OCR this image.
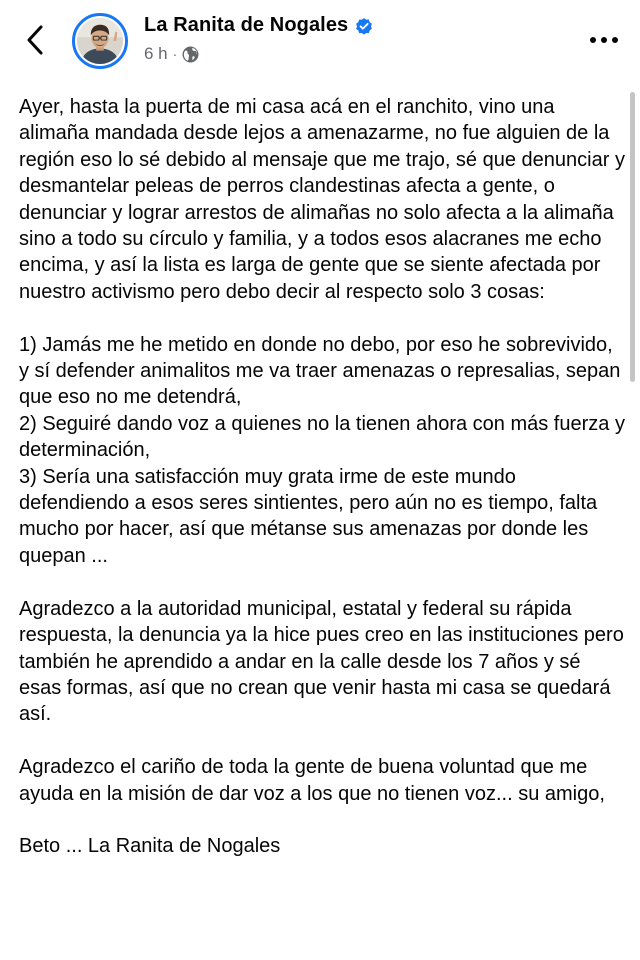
La Ranita de Nogales
6 h ·

Ayer, hasta la puerta de mi casa acá en el ranchito, vino una alimaña mandada desde lejos a amenazarme, no fue alguien de la región eso lo sé debido al mensaje que me trajo, sé que denunciar y desmantelar peleas de perros clandestinas afecta a gente, o denunciar y lograr arrestos de alimañas no solo afecta a la alimaña sino a todo su círculo y familia, y a todos esos alacranes me echo encima, y así la lista es larga de gente que se siente afectada por nuestro activismo pero debo decir al respecto solo 3 cosas:

1) Jamás me he metido en donde no debo, por eso he sobrevivido, y sí defender animalitos me va traer amenazas o represalias, sepan que eso no me detendrá,
2) Seguiré dando voz a quienes no la tienen ahora con más fuerza y determinación,
3) Sería una satisfacción muy grata irme de este mundo defendiendo a esos seres sintientes, pero aún no es tiempo, falta mucho por hacer, así que métanse sus amenazas por donde les quepan ...

Agradezco a la autoridad municipal, estatal y federal su rápida respuesta, la denuncia ya la hice pues creo en las instituciones pero también he aprendido a andar en la calle desde los 7 años y sé esas formas, así que no crean que venir hasta mi casa se quedará así.

Agradezco el cariño de toda la gente de buena voluntad que me ayuda en la misión de dar voz a los que no tienen voz... su amigo,

Beto ... La Ranita de Nogales
